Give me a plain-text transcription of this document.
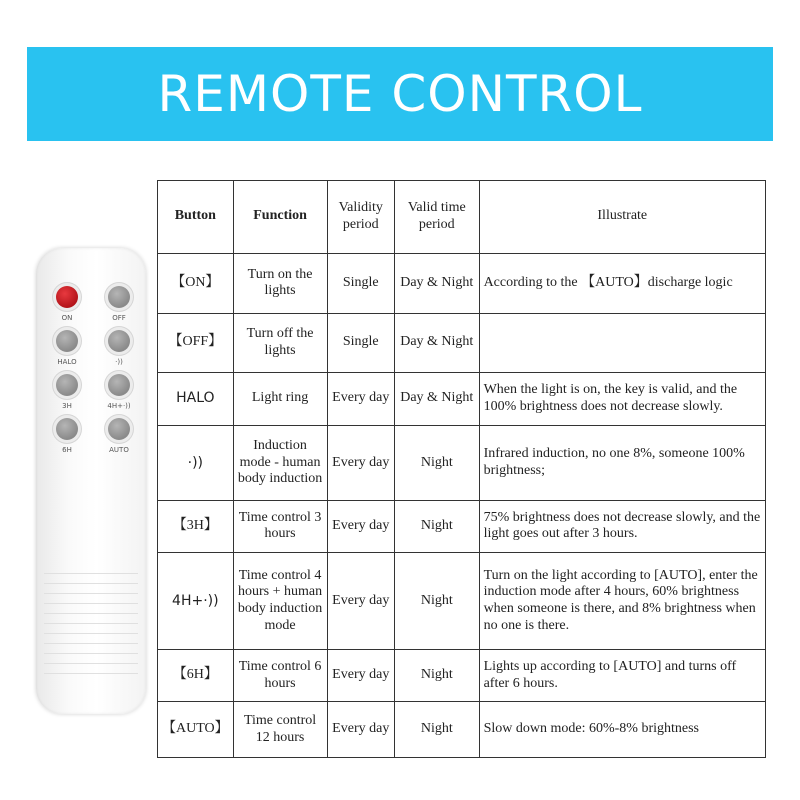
REMOTE CONTROL
ON	OFF
HALO	·))
3H	4H+·))
6H	AUTO
Button	Function	Validity period	Valid time period	Illustrate
【ON】	Turn on the lights	Single	Day & Night	According to the 【AUTO】discharge logic
【OFF】	Turn off the lights	Single	Day & Night	
HALO	Light ring	Every day	Day & Night	When the light is on, the key is valid, and the 100% brightness does not decrease slowly.
·))	Induction mode - human body induction	Every day	Night	Infrared induction, no one 8%, someone 100% brightness;
【3H】	Time control 3 hours	Every day	Night	75% brightness does not decrease slowly, and the light goes out after 3 hours.
4H+·))	Time control 4 hours + human body induction mode	Every day	Night	Turn on the light according to [AUTO], enter the induction mode after 4 hours, 60% brightness when someone is there, and 8% brightness when no one is there.
【6H】	Time control 6 hours	Every day	Night	Lights up according to [AUTO] and turns off after 6 hours.
【AUTO】	Time control 12 hours	Every day	Night	Slow down mode: 60%-8% brightness
